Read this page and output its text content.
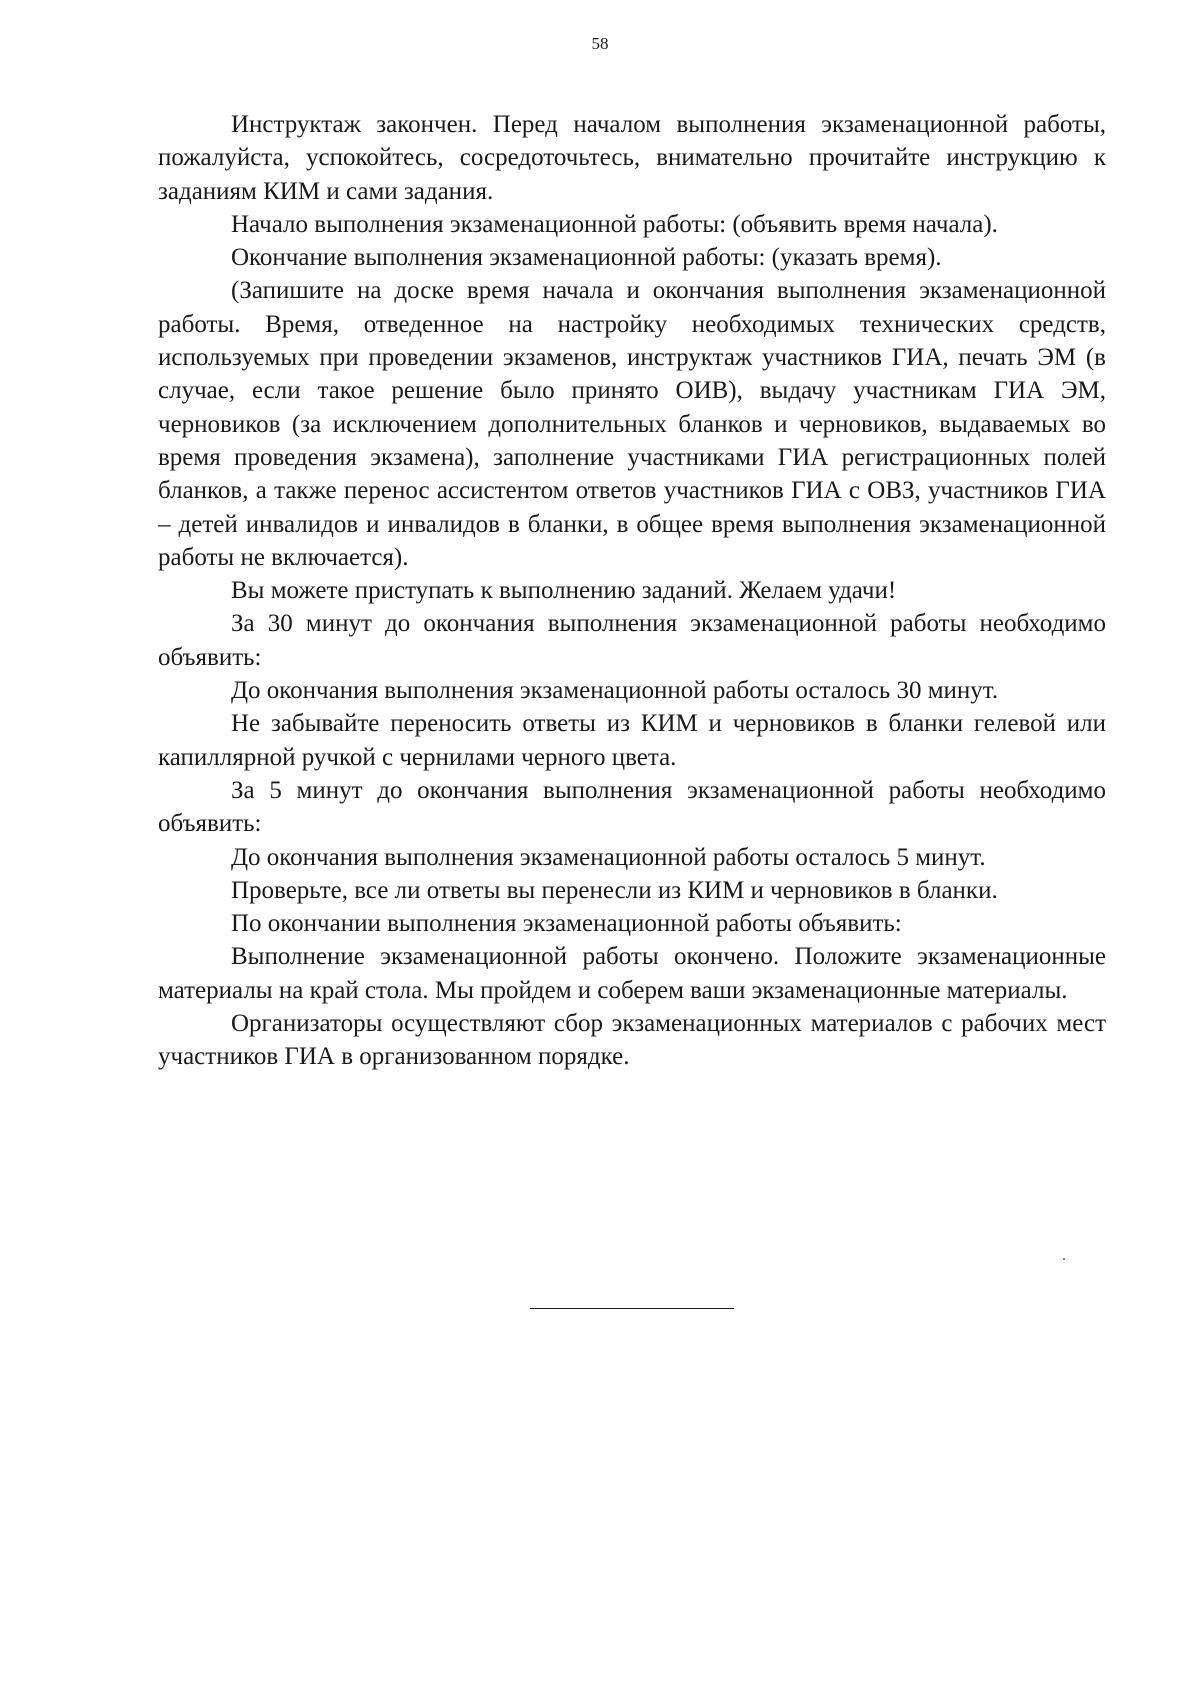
58

Инструктаж закончен. Перед началом выполнения экзаменационной работы, пожалуйста, успокойтесь, сосредоточьтесь, внимательно прочитайте инструкцию к заданиям КИМ и сами задания.

Начало выполнения экзаменационной работы: (объявить время начала).

Окончание выполнения экзаменационной работы: (указать время).

(Запишите на доске время начала и окончания выполнения экзаменационной работы. Время, отведенное на настройку необходимых технических средств, используемых при проведении экзаменов, инструктаж участников ГИА, печать ЭМ (в случае, если такое решение было принято ОИВ), выдачу участникам ГИА ЭМ, черновиков (за исключением дополнительных бланков и черновиков, выдаваемых во время проведения экзамена), заполнение участниками ГИА регистрационных полей бланков, а также перенос ассистентом ответов участников ГИА с ОВЗ, участников ГИА – детей инвалидов и инвалидов в бланки, в общее время выполнения экзаменационной работы не включается).

Вы можете приступать к выполнению заданий. Желаем удачи!

За 30 минут до окончания выполнения экзаменационной работы необходимо объявить:

До окончания выполнения экзаменационной работы осталось 30 минут.

Не забывайте переносить ответы из КИМ и черновиков в бланки гелевой или капиллярной ручкой с чернилами черного цвета.

За 5 минут до окончания выполнения экзаменационной работы необходимо объявить:

До окончания выполнения экзаменационной работы осталось 5 минут.

Проверьте, все ли ответы вы перенесли из КИМ и черновиков в бланки.

По окончании выполнения экзаменационной работы объявить:

Выполнение экзаменационной работы окончено. Положите экзаменационные материалы на край стола. Мы пройдем и соберем ваши экзаменационные материалы.

Организаторы осуществляют сбор экзаменационных материалов с рабочих мест участников ГИА в организованном порядке.
